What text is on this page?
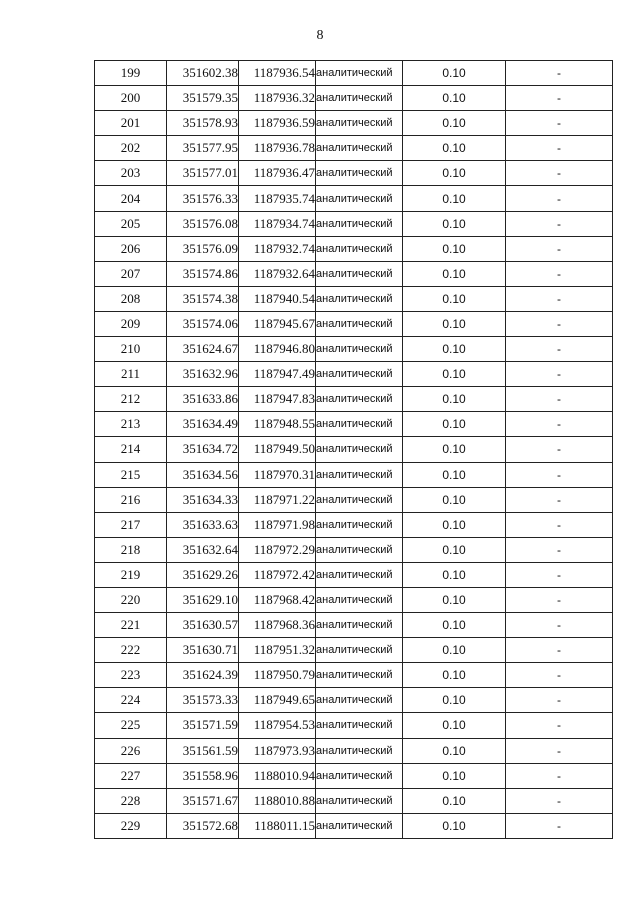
8
199	351602.38	1187936.54	аналитический	0.10	-
200	351579.35	1187936.32	аналитический	0.10	-
201	351578.93	1187936.59	аналитический	0.10	-
202	351577.95	1187936.78	аналитический	0.10	-
203	351577.01	1187936.47	аналитический	0.10	-
204	351576.33	1187935.74	аналитический	0.10	-
205	351576.08	1187934.74	аналитический	0.10	-
206	351576.09	1187932.74	аналитический	0.10	-
207	351574.86	1187932.64	аналитический	0.10	-
208	351574.38	1187940.54	аналитический	0.10	-
209	351574.06	1187945.67	аналитический	0.10	-
210	351624.67	1187946.80	аналитический	0.10	-
211	351632.96	1187947.49	аналитический	0.10	-
212	351633.86	1187947.83	аналитический	0.10	-
213	351634.49	1187948.55	аналитический	0.10	-
214	351634.72	1187949.50	аналитический	0.10	-
215	351634.56	1187970.31	аналитический	0.10	-
216	351634.33	1187971.22	аналитический	0.10	-
217	351633.63	1187971.98	аналитический	0.10	-
218	351632.64	1187972.29	аналитический	0.10	-
219	351629.26	1187972.42	аналитический	0.10	-
220	351629.10	1187968.42	аналитический	0.10	-
221	351630.57	1187968.36	аналитический	0.10	-
222	351630.71	1187951.32	аналитический	0.10	-
223	351624.39	1187950.79	аналитический	0.10	-
224	351573.33	1187949.65	аналитический	0.10	-
225	351571.59	1187954.53	аналитический	0.10	-
226	351561.59	1187973.93	аналитический	0.10	-
227	351558.96	1188010.94	аналитический	0.10	-
228	351571.67	1188010.88	аналитический	0.10	-
229	351572.68	1188011.15	аналитический	0.10	-
